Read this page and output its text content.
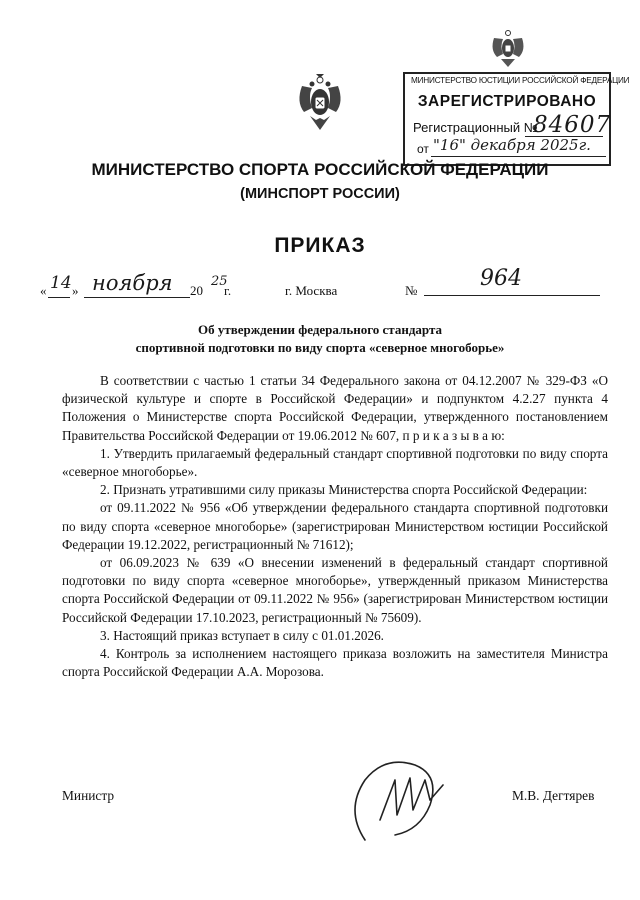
МИНИСТЕРСТВО ЮСТИЦИИ РОССИЙСКОЙ ФЕДЕРАЦИИ
ЗАРЕГИСТРИРОВАНО
Регистрационный №
84607
от "16" декабря 2025г.
МИНИСТЕРСТВО СПОРТА РОССИЙСКОЙ ФЕДЕРАЦИИ
(МИНСПОРТ РОССИИ)
ПРИКАЗ
« 14 » ноября 20
25
г.	г. Москва	№	964
Об утверждении федерального стандарта
спортивной подготовки по виду спорта «северное многоборье»

В соответствии с частью 1 статьи 34 Федерального закона от 04.12.2007 № 329-ФЗ «О физической культуре и спорте в Российской Федерации» и подпунктом 4.2.27 пункта 4 Положения о Министерстве спорта Российской Федерации, утвержденного постановлением Правительства Российской Федерации от 19.06.2012 № 607, п р и к а з ы в а ю:

1. Утвердить прилагаемый федеральный стандарт спортивной подготовки по виду спорта «северное многоборье».

2. Признать утратившими силу приказы Министерства спорта Российской Федерации:

от 09.11.2022 № 956 «Об утверждении федерального стандарта спортивной подготовки по виду спорта «северное многоборье» (зарегистрирован Министерством юстиции Российской Федерации 19.12.2022, регистрационный № 71612);

от 06.09.2023 № 639 «О внесении изменений в федеральный стандарт спортивной подготовки по виду спорта «северное многоборье», утвержденный приказом Министерства спорта Российской Федерации от 09.11.2022 № 956» (зарегистрирован Министерством юстиции Российской Федерации 17.10.2023, регистрационный № 75609).

3. Настоящий приказ вступает в силу с 01.01.2026.

4. Контроль за исполнением настоящего приказа возложить на заместителя Министра спорта Российской Федерации А.А. Морозова.

Министр	М.В. Дегтярев
